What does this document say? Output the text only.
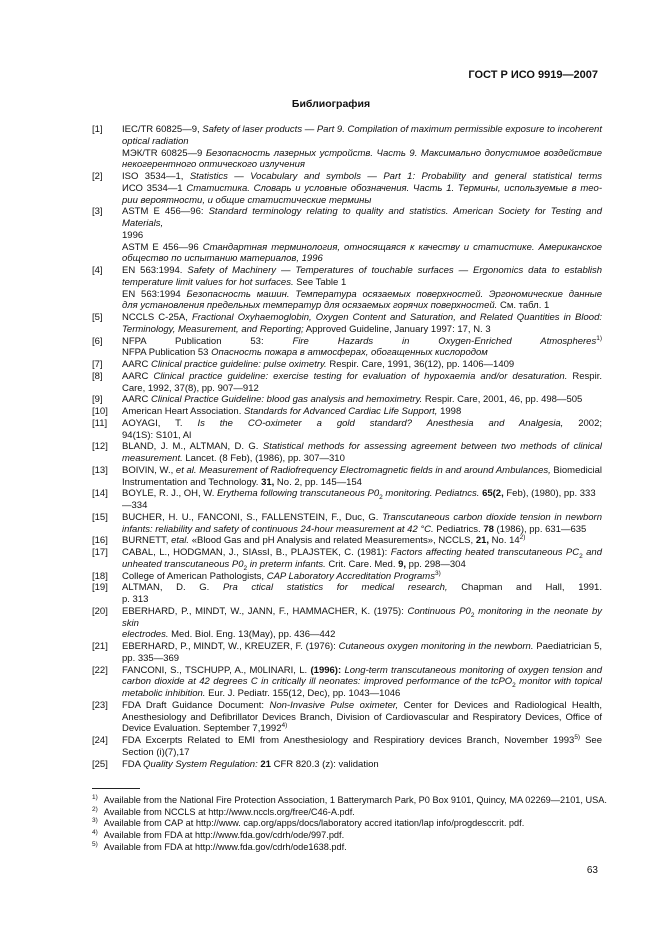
ГОСТ Р ИСО 9919—2007
Библиография
[1] IEC/TR 60825—9, Safety of laser products — Part 9. Compilation of maximum permissible exposure to incoherent
optical radiation
МЭК/TR 60825—9 Безопасность лазерных устройств. Часть 9. Максимально допустимое воздействие
некогерентного оптического излучения
[2] ISO 3534—1, Statistics — Vocabulary and symbols — Part 1: Probability and general statistical terms
ИСО 3534—1 Статистика. Словарь и условные обозначения. Часть 1. Термины, используемые в тео-
рии вероятности, и общие статистические термины
[3] ASTM E 456—96: Standard terminology relating to quality and statistics. American Society for Testing and Materials,
1996
ASTM E 456—96 Стандартная терминология, относящаяся к качеству и статистике. Американское
общество по испытанию материалов, 1996
[4] EN 563:1994. Safety of Machinery — Temperatures of touchable surfaces — Ergonomics data to establish
temperature limit values for hot surfaces. See Table 1
EN 563:1994 Безопасность машин. Температура осязаемых поверхностей. Эргономические данные
для установления предельных температур для осязаемых горячих поверхностей. См. табл. 1
[5] NCCLS C-25A, Fractional Oxyhaemoglobin, Oxygen Content and Saturation, and Related Quantities in Blood:
Terminology, Measurement, and Reporting; Approved Guideline, January 1997: 17, N. 3
[6] NFPA Publication 53: Fire Hazards in Oxygen-Enriched Atmospheres$^{1)}$
NFPA Publication 53 Опасность пожара в атмосферах, обогащенных кислородом
[7] AARC Clinical practice guideline: pulse oximetry. Respir. Care, 1991, 36(12), pp. 1406—1409
[8] AARC Clinical practice guideline: exercise testing for evaluation of hypoxaemia and/or desaturation. Respir.
Care, 1992, 37(8), pp. 907—912
[9] AARC Clinical Practice Guideline: blood gas analysis and hemoximetry. Respir. Care, 2001, 46, pp. 498—505
[10] American Heart Association. Standards for Advanced Cardiac Life Support, 1998
[11] AOYAGI, T. Is the CO-oximeter a gold standard? Anesthesia and Analgesia, 2002;
94(1S): S101, Al
[12] BLAND, J. M., ALTMAN, D. G. Statistical methods for assessing agreement between two methods of clinical
measurement. Lancet. (8 Feb), (1986), pp. 307—310
[13] BOIVIN, W., et al. Measurement of Radiofrequency Electromagnetic fields in and around Ambulances, Biomedicial
Instrumentation and Technology. 31, No. 2, pp. 145—154
[14] BOYLE, R. J., OH, W. Erythema following transcutaneous $P0_2$ monitoring. Pediatncs. 65(2, Feb), (1980), pp. 333—334
[15] BUCHER, H. U., FANCONI, S., FALLENSTEIN, F., Duc, G. Transcutaneous carbon dioxide tension in newborn
infants: reliability and safety of continuous 24-hour measurement at 42 °C. Pediatrics. 78 (1986), pp. 631—635
[16] BURNETT, etal. «Blood Gas and pH Analysis and related Measurements», NCCLS, 21, No. 14$^{2)}$
[17] CABAL, L., HODGMAN, J., SIAssI, B., PLAJSTEK, C. (1981): Factors affecting heated transcutaneous $PC_2$ and
unheated transcutaneous $P0_2$ in preterm infants. Crit. Care. Med. 9, pp. 298—304
[18] College of American Pathologists, CAP Laboratory Accreditation Programs$^{3)}$
[19] ALTMAN, D. G. Pra ctical statistics for medical research, Chapman and Hall, 1991.
p. 313
[20] EBERHARD, P., MINDT, W., JANN, F., HAMMACHER, K. (1975): Continuous $P0_2$ monitoring in the neonate by skin
electrodes. Med. Biol. Eng. 13(May), pp. 436—442
[21] EBERHARD, P., MINDT, W., KREUZER, F. (1976): Cutaneous oxygen monitoring in the newborn. Paediatrician 5,
pp. 335—369
[22] FANCONI, S., TSCHUPP, A., M0LINARI, L. (1996): Long-term transcutaneous monitoring of oxygen tension and
carbon dioxide at 42 degrees C in critically ill neonates: improved performance of the tcPO$_2$ monitor with topical
metabolic inhibition. Eur. J. Pediatr. 155(12, Dec), pp. 1043—1046
[23] FDA Draft Guidance Document: Non-Invasive Pulse oximeter, Center for Devices and Radiological Health,
Anesthesiology and Defibrillator Devices Branch, Division of Cardiovascular and Respiratory Devices, Office of
Device Evaluation. September 7,1992$^{4)}$
[24] FDA Excerpts Related to EMI from Anesthesiology and Respiratiory devices Branch, November 1993$^{5)}$ See
Section (i)(7),17
[25] FDA Quality System Regulation: 21 CFR 820.3 (z): validation
$^{1)}$ Available from the National Fire Protection Association, 1 Batterymarch Park, P0 Box 9101, Quincy, MA 02269—2101, USA.
$^{2)}$ Available from NCCLS at http://www.nccls.org/free/C46-A.pdf.
$^{3)}$ Available from CAP at http://www. cap.org/apps/docs/laboratory accred itation/lap info/progdesccrit. pdf.
$^{4)}$ Available from FDA at http://www.fda.gov/cdrh/ode/997.pdf.
$^{5)}$ Available from FDA at http://www.fda.gov/cdrh/ode1638.pdf.
63
